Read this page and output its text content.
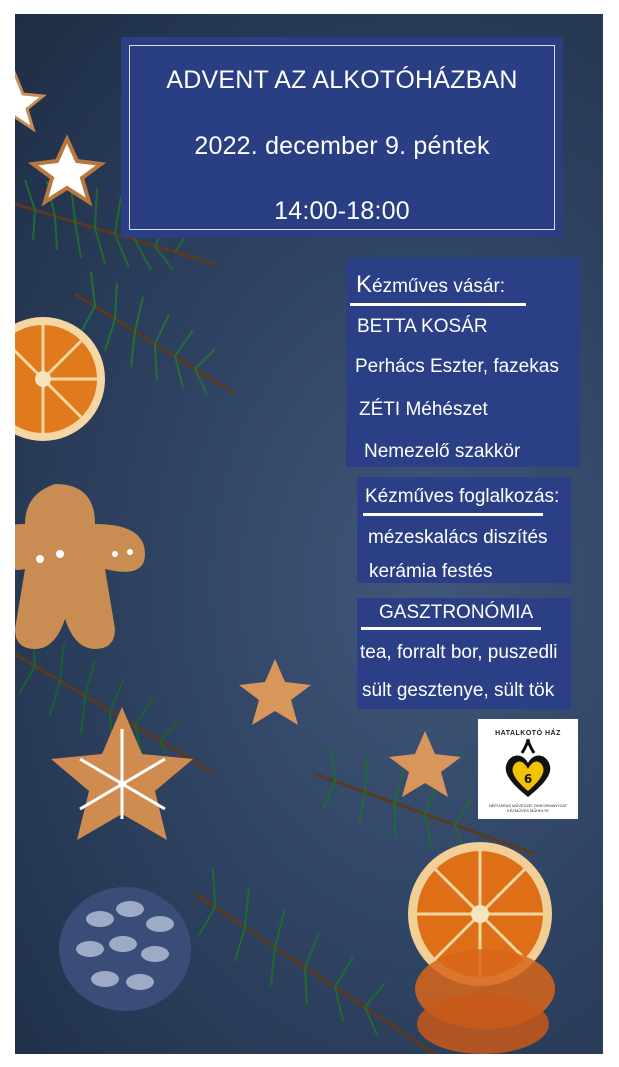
ADVENT AZ ALKOTÓHÁZBAN
2022. december 9. péntek
14:00-18:00
Kézműves vásár:
BETTA KOSÁR
Perhács Eszter, fazekas
ZÉTI Méhészet
Nemezelő szakkör
Kézműves foglalkozás:
mézeskalács diszítés
kerámia festés
GASZTRONÓMIA
tea, forralt bor, puszedli
sült gesztenye, sült tök
HATALKOTÓ HÁZ
6
NÉPIJÁRÁS MŰVÉSZEI ÖNKORMÁNYZAT KÉZMŰVES MŰHELYE
